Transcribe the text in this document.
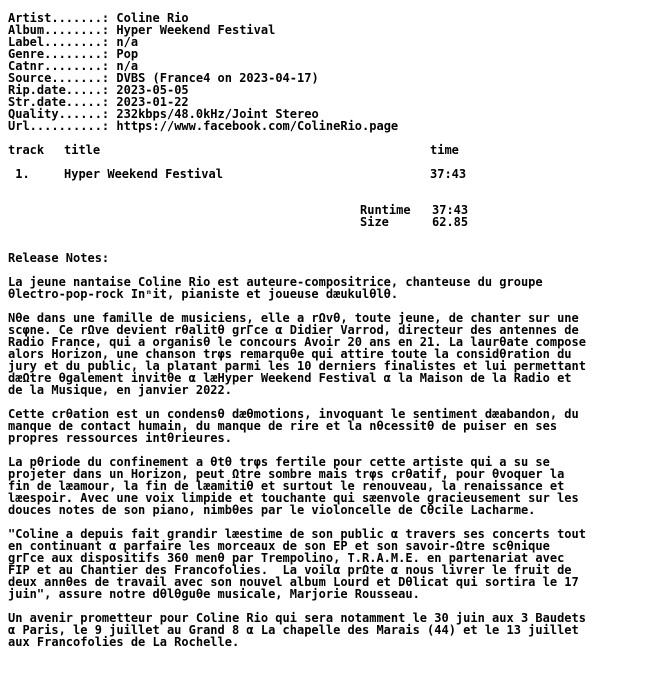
Artist.......: Coline Rio
Album........: Hyper Weekend Festival
Label........: n/a
Genre........: Pop
Catnr........: n/a
Source.......: DVBS (France4 on 2023-04-17)
Rip.date.....: 2023-05-05
Str.date.....: 2023-01-22
Quality......: 232kbps/48.0kHz/Joint Stereo
Url..........: https://www.facebook.com/ColineRio.page
track	title	time
1.	Hyper Weekend Festival	37:43
Runtime	37:43
Size	62.85
Release Notes:

La jeune nantaise Coline Rio est auteure-compositrice, chanteuse du groupe
θlectro-pop-rock Inⁿit, pianiste et joueuse dæukulθlθ.

Nθe dans une famille de musiciens, elle a rΩvθ, toute jeune, de chanter sur une
scφne. Ce rΩve devient rθalitθ grΓce α Didier Varrod, directeur des antennes de
Radio France, qui a organisθ le concours Avoir 20 ans en 21. La laurθate compose
alors Horizon, une chanson trφs remarquθe qui attire toute la considθration du
jury et du public, la plaτant parmi les 10 derniers finalistes et lui permettant
dæΩtre θgalement invitθe α læHyper Weekend Festival α la Maison de la Radio et
de la Musique, en janvier 2022.

Cette crθation est un condensθ dæθmotions, invoquant le sentiment dæabandon, du
manque de contact humain, du manque de rire et la nθcessitθ de puiser en ses
propres ressources intθrieures.

La pθriode du confinement a θtθ trφs fertile pour cette artiste qui a su se
projeter dans un Horizon, peut Ωtre sombre mais trφs crθatif, pour θvoquer la
fin de læamour, la fin de læamitiθ et surtout le renouveau, la renaissance et
læespoir. Avec une voix limpide et touchante qui sæenvole gracieusement sur les
douces notes de son piano, nimbθes par le violoncelle de Cθcile Lacharme.

"Coline a depuis fait grandir læestime de son public α travers ses concerts tout
en continuant α parfaire les morceaux de son EP et son savoir-Ωtre scθnique
grΓce aux dispositifs 360 menθ par Trempolino, T.R.A.M.E. en partenariat avec
FIP et au Chantier des Francofolies.  La voilα prΩte α nous livrer le fruit de
deux annθes de travail avec son nouvel album Lourd et Dθlicat qui sortira le 17
juin", assure notre dθlθguθe musicale, Marjorie Rousseau.

Un avenir prometteur pour Coline Rio qui sera notamment le 30 juin aux 3 Baudets
α Paris, le 9 juillet au Grand 8 α La chapelle des Marais (44) et le 13 juillet
aux Francofolies de La Rochelle.
